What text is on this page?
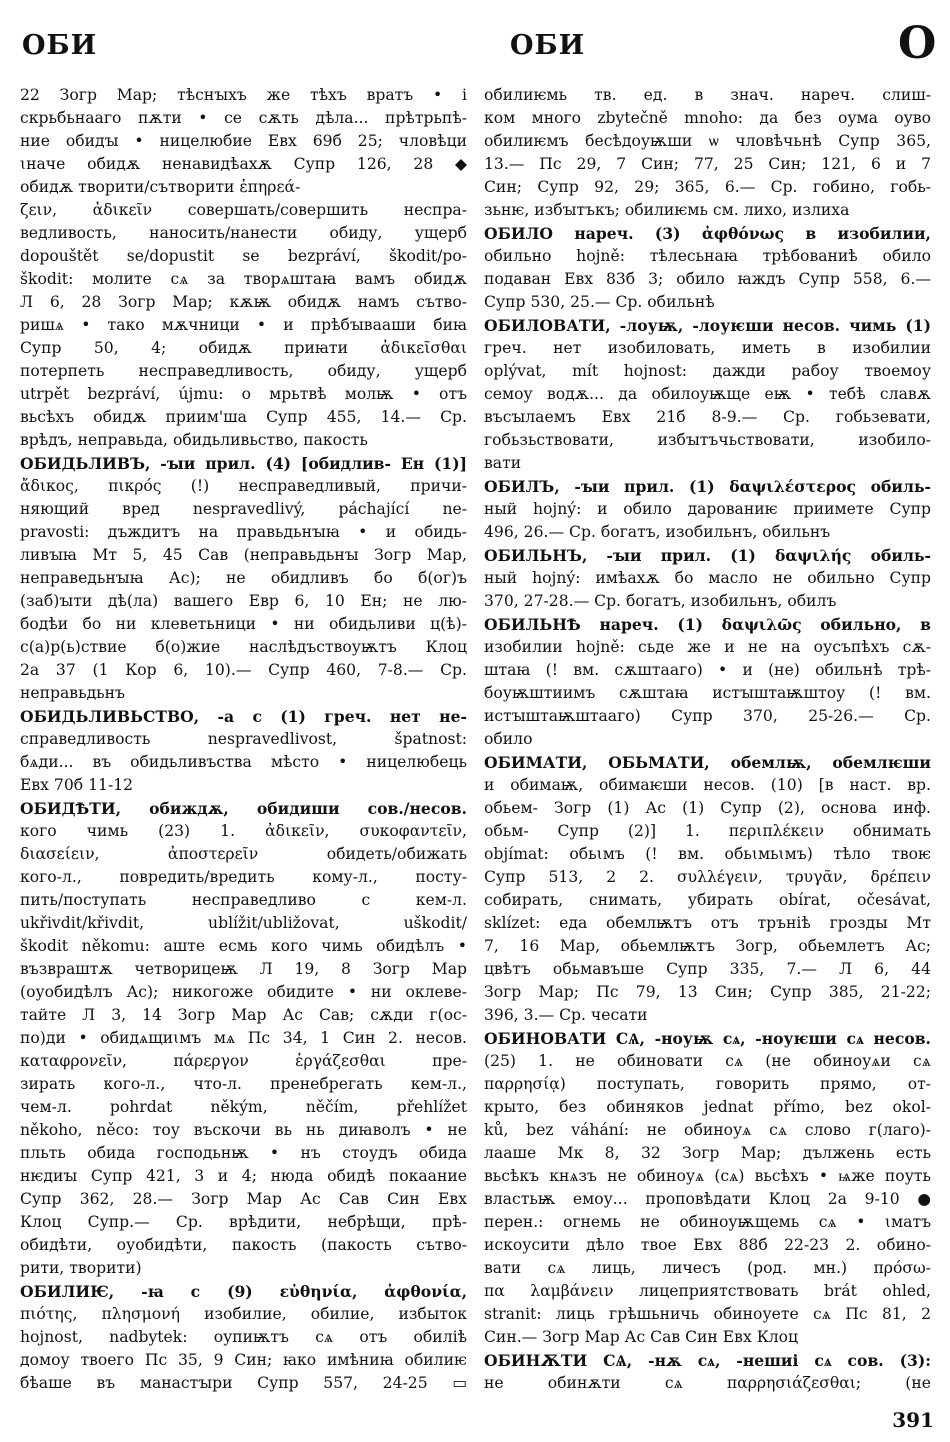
ОБИ	ОБИ	О
22 Зогр Мар; тѣснꙑхъ же тѣхъ вратъ • і
скрьбьнааго пѫти • се сѫть дѣла... прѣтрьпѣ-
ние обидꙑ • ницелюбие Евх 69б 25; чловѣци
ꙇначе обидѫ ненавидѣахѫ Супр 126, 28 ◆
обидѫ творити/сътворити ἐπηρεά-
ζειν, ἀδικεῖν совершать/совершить неспра-
ведливость, наносить/нанести обиду, ущерб
dopouštět se/dopustit se bezpráví, škodit/po-
škodit: молите сѧ за творѧштаꙗ вамъ обидѫ
Л 6, 28 Зогр Мар; кѫѭ обидѫ намъ сътво-
ришѧ • тако мѫчници • и прѣбꙑвааши биꙗ
Супр 50, 4; обидѫ приꙗти ἀδικεῖσθαι
потерпеть несправедливость, обиду, ущерб
utrpět bezpráví, újmu: о мрьтвѣ молѭ • отъ
вьсѣхъ обидѫ приим'ша Супр 455, 14.— Ср.
врѣдъ, неправьда, обидьливьство, пакость
ОБИДЬЛИВЪ, -ꙑи прил. (4) [обидлив- Ен (1)]
ἄδικος, πικρός (!) несправедливый, причи-
няющий вред nespravedlivý, páchající ne-
pravosti: дъждитъ на правьдьнꙑꙗ • и обидь-
ливꙑꙗ Мт 5, 45 Сав (неправьдьнꙑ Зогр Мар,
неправедьнꙑꙗ Ас); не обидливъ бо б(ог)ъ
(заб)ꙑти дѣ(ла) вашего Евр 6, 10 Ен; не лю-
бодѣи бо ни клеветьници • ни обидьливи ц(ѣ)-
с(а)р(ь)ствие б(о)жие наслѣдъствоуѭтъ Клоц
2а 37 (1 Кор 6, 10).— Супр 460, 7-8.— Ср.
неправьдьнъ
ОБИДЬЛИВЬСТВО, -а с (1) греч. нет не-
справедливость nespravedlivost, špatnost:
бѧди... въ обидьливъства мѣсто • ницелюбець
Евх 70б 11-12
ОБИДѢТИ, обиждѫ, обидиши сов./несов.
кого чимь (23) 1. ἀδικεῖν, συκοφαντεῖν,
διασείειν, ἀποστερεῖν обидеть/обижать
кого-л., повредить/вредить кому-л., посту-
пить/поступать несправедливо с кем-л.
ukřivdit/křivdit, ublížit/ubližovat, uškodit/
škodit někomu: аште есмь кого чимь обидѣлъ •
възвраштѫ четворицеѭ Л 19, 8 Зогр Мар
(оуобидѣлъ Ас); никогоже обидите • ни оклеве-
тайте Л 3, 14 Зогр Мар Ас Сав; сѫди г(ос-
по)ди • обидѧщиꙇмъ мѧ Пс 34, 1 Син 2. несов.
καταφρονεῖν, πάρεργον ἐργάζεσθαι пре-
зирать кого-л., что-л. пренебрегать кем-л.,
чем-л. pohrdat někým, něčím, přehlížet
někoho, něco: тоу въскочи вь нь диꙗволъ • не
пльть обида господьнѭ • нъ стоудъ обида
нѥдиꙑ Супр 421, 3 и 4; нюда обидѣ покаание
Супр 362, 28.— Зогр Мар Ас Сав Син Евх
Клоц Супр.— Ср. врѣдити, небрѣщи, прѣ-
обидѣти, оуобидѣти, пакость (пакость сътво-
рити, творити)
ОБИЛИѤ, -ꙗ с (9) εὐθηνία, ἀφθονία,
πιότης, πλησμονή изобилие, обилие, избыток
hojnost, nadbytek: оупиѭтъ сѧ отъ обиліѣ
домоу твоего Пс 35, 9 Син; ꙗко имѣниꙗ обилиѥ
бѣаше въ манастꙑри Супр 557, 24-25 ▭
обилиѥмь тв. ед. в знач. нареч. слиш-
ком много zbytečně mnoho: да без оума оуво
обилиѥмъ бесѣдоуѭши ѡ чловѣчьнѣ Супр 365,
13.— Пс 29, 7 Син; 77, 25 Син; 121, 6 и 7
Син; Супр 92, 29; 365, 6.— Ср. гобино, гобь-
зьнѥ, избꙑтъкъ; обилиѥмь см. лихо, излиха
ОБИЛО нареч. (3) ἀφθόνως в изобилии,
обильно hojně: тѣлесьнаꙗ трѣбованиѣ обило
подаван Евх 83б 3; обило ꙗждъ Супр 558, 6.—
Супр 530, 25.— Ср. обильнѣ
ОБИЛОВАТИ, -лоуѭ, -лоуѥши несов. чимь (1)
греч. нет изобиловать, иметь в изобилии
oplývat, mít hojnost: дажди рабоу твоемоу
семоу водѫ... да обилоуѭще еѭ • тебѣ славѫ
въсꙑлаемъ Евх 21б 8-9.— Ср. гобьзевати,
гобьзьствовати, избꙑтъчьствовати, изобило-
вати
ОБИЛЪ, -ꙑи прил. (1) δαψιλέστερος обиль-
ный hojný: и обило дарованиѥ приимете Супр
496, 26.— Ср. богатъ, изобильнъ, обильнъ
ОБИЛЬНЪ, -ꙑи прил. (1) δαψιλής обиль-
ный hojný: имѣахѫ бо масло не обильно Супр
370, 27-28.— Ср. богатъ, изобильнъ, обилъ
ОБИЛЬНѢ нареч. (1) δαψιλῶς обильно, в
изобилии hojně: сьде же и не на оусъпѣхъ сѫ-
штаꙗ (! вм. сѫштааго) • и (не) обильнѣ трѣ-
боуѭштиимъ сѫштаꙗ истꙑштаѭштоу (! вм.
истꙑштаѭштааго) Супр 370, 25-26.— Ср.
обило
ОБИМАТИ, ОБЬМАТИ, обемлѭ, обемлѥши
и обимаѭ, обимаѥши несов. (10) [в наст. вр.
обьем- Зогр (1) Ас (1) Супр (2), основа инф.
обьм- Супр (2)] 1. περιπλέκειν обнимать
objímat: обьꙇмъ (! вм. обьꙇмьꙇмъ) тѣло твоѥ
Супр 513, 2 2. συλλέγειν, τρυγᾶν, δρέπειν
собирать, снимать, убирать obírat, očesávat,
sklízet: еда обемлѭтъ отъ трънiѣ грозды Мт
7, 16 Мар, обьемлѭтъ Зогр, обьемлетъ Ас;
цвѣтъ обьмавъше Супр 335, 7.— Л 6, 44
Зогр Мар; Пс 79, 13 Син; Супр 385, 21-22;
396, 3.— Ср. чесати
ОБИНОВАТИ СѦ, -ноуѭ сѧ, -ноуѥши сѧ несов.
(25) 1. не обиновати сѧ (не обиноуѧи сѧ
παρρησίᾳ) поступать, говорить прямо, от-
крыто, без обиняков jednat přímo, bez okol-
ků, bez váhání: не обиноуѧ сѧ слово г(лаго)-
лааше Мк 8, 32 Зогр Мар; дължень есть
вьсѣкъ кнѧзъ не обиноуѧ (сѧ) вьсѣхъ • ѩже поуть
властьѭ емоу... проповѣдати Клоц 2а 9-10 ●
перен.: огнемь не обиноуѭщемь сѧ • ꙇматъ
искоусити дѣло твое Евх 88б 22-23 2. обино-
вати сѧ лиць, личесъ (род. мн.) πρόσω-
πα λαμβάνειν лицеприятствовать brát ohled,
stranit: лиць грѣшьничь обиноуете сѧ Пс 81, 2
Син.— Зогр Мар Ас Сав Син Евх Клоц
ОБИНѪТИ СѦ, -нѫ сѧ, -нешиi сѧ сов. (3):
не обинѫти сѧ παρρησιάζεσθαι; (не
391
